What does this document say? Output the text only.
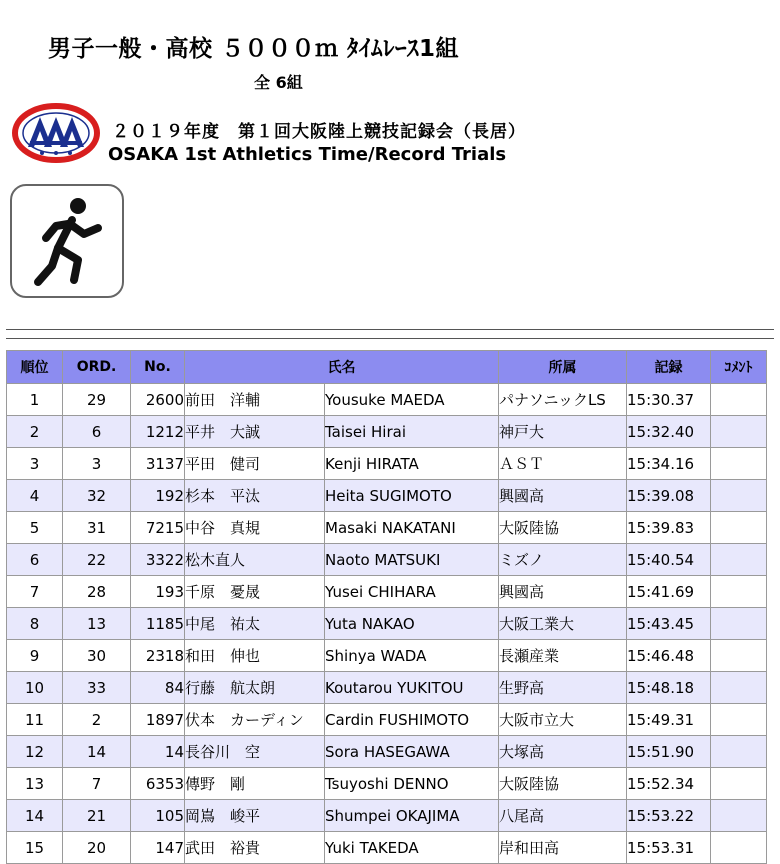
男子一般・高校 ５０００ｍ ﾀｲﾑﾚｰｽ1組
全 6組
２０１９年度　第１回大阪陸上競技記録会（長居）
OSAKA 1st Athletics Time/Record Trials
順位	ORD.	No.	氏名		所属	記録	ｺﾒﾝﾄ
1	29	2600	前田　洋輔	Yousuke MAEDA	パナソニックLS	15:30.37	
2	6	1212	平井　大誠	Taisei Hirai	神戸大	15:32.40	
3	3	3137	平田　健司	Kenji HIRATA	ＡＳＴ	15:34.16	
4	32	192	杉本　平汰	Heita SUGIMOTO	興國高	15:39.08	
5	31	7215	中谷　真規	Masaki NAKATANI	大阪陸協	15:39.83	
6	22	3322	松木直人	Naoto MATSUKI	ミズノ	15:40.54	
7	28	193	千原　憂晟	Yusei CHIHARA	興國高	15:41.69	
8	13	1185	中尾　祐太	Yuta NAKAO	大阪工業大	15:43.45	
9	30	2318	和田　伸也	Shinya WADA	長瀬産業	15:46.48	
10	33	84	行藤　航太朗	Koutarou YUKITOU	生野高	15:48.18	
11	2	1897	伏本　カーディン	Cardin FUSHIMOTO	大阪市立大	15:49.31	
12	14	14	長谷川　空	Sora HASEGAWA	大塚高	15:51.90	
13	7	6353	傳野　剛	Tsuyoshi DENNO	大阪陸協	15:52.34	
14	21	105	岡嶌　峻平	Shumpei OKAJIMA	八尾高	15:53.22	
15	20	147	武田　裕貴	Yuki TAKEDA	岸和田高	15:53.31	
